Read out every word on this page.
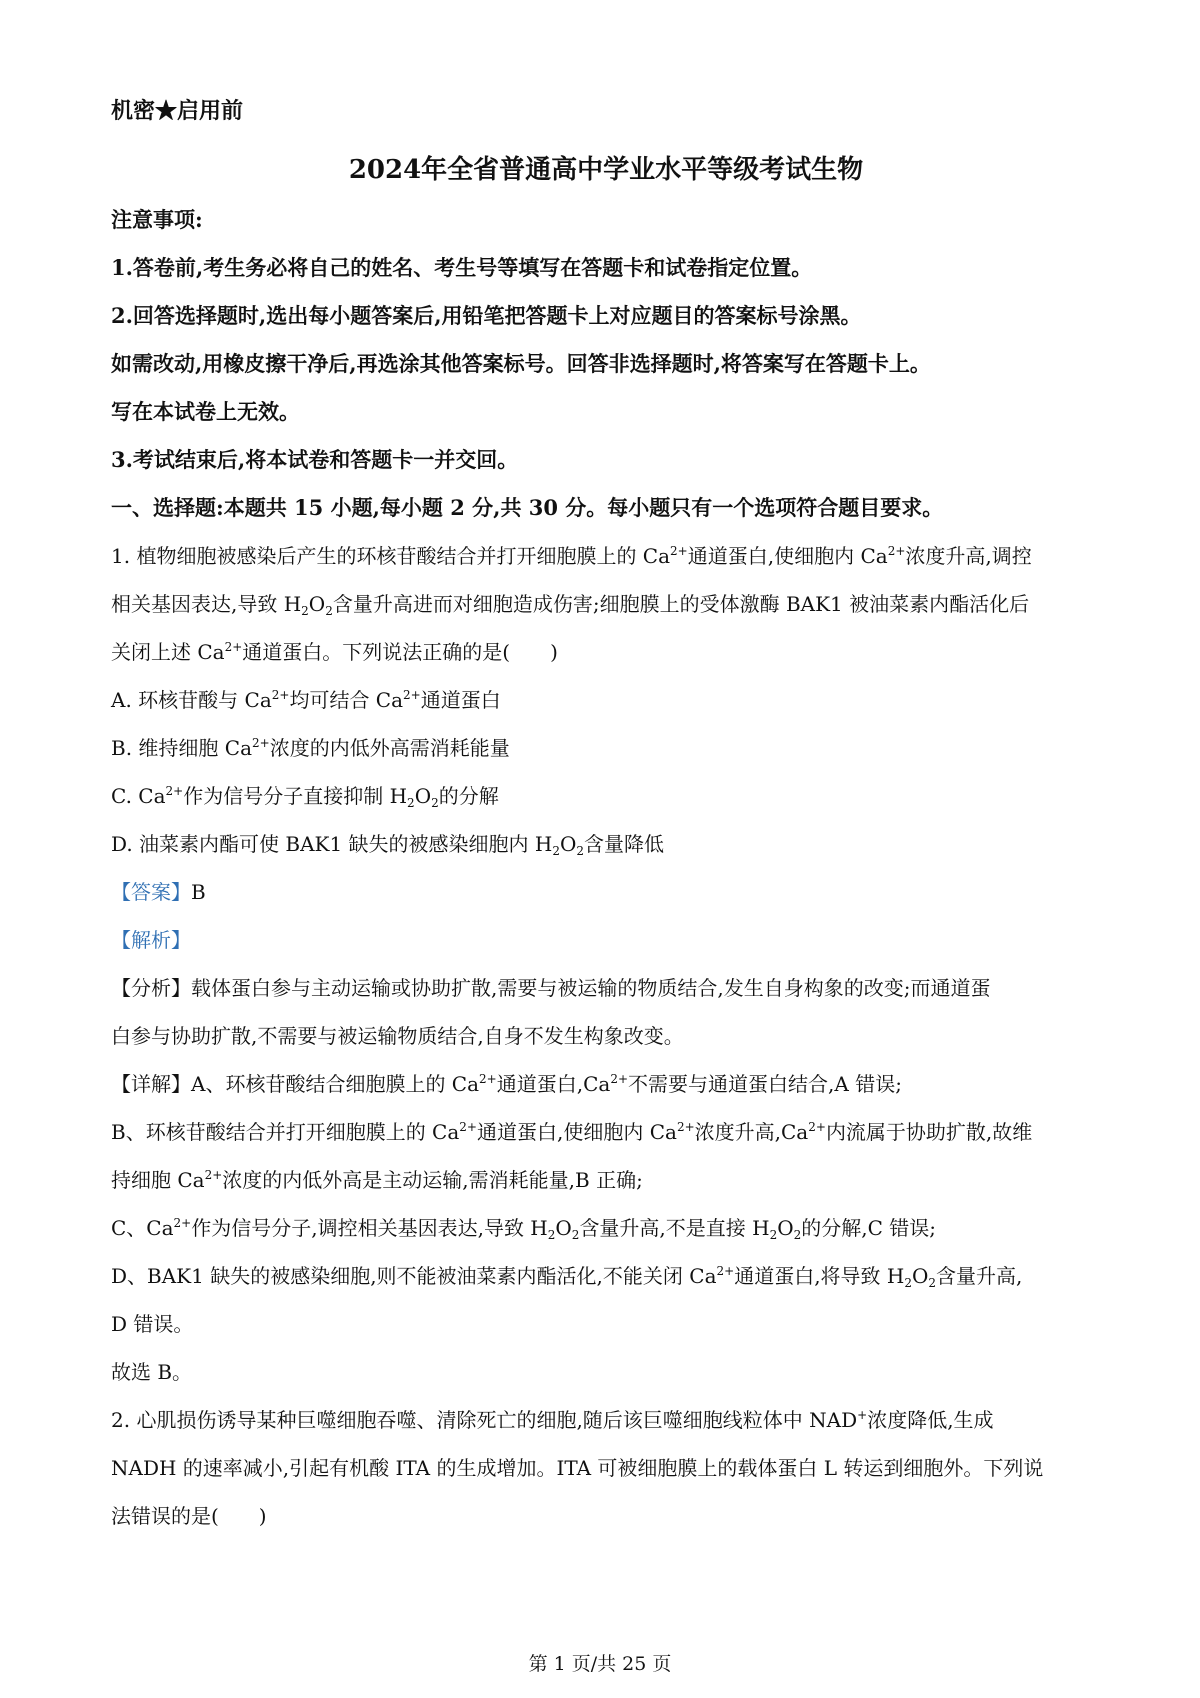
机密★启用前
2024年全省普通高中学业水平等级考试生物

注意事项:

1.答卷前,考生务必将自己的姓名、考生号等填写在答题卡和试卷指定位置。

2.回答选择题时,选出每小题答案后,用铅笔把答题卡上对应题目的答案标号涂黑。

如需改动,用橡皮擦干净后,再选涂其他答案标号。回答非选择题时,将答案写在答题卡上。

写在本试卷上无效。

3.考试结束后,将本试卷和答题卡一并交回。

一、选择题:本题共 15 小题,每小题 2 分,共 30 分。每小题只有一个选项符合题目要求。

1. 植物细胞被感染后产生的环核苷酸结合并打开细胞膜上的 $Ca^{2+}$通道蛋白,使细胞内 $Ca^{2+}$浓度升高,调控

相关基因表达,导致 $H_2O_2$含量升高进而对细胞造成伤害;细胞膜上的受体激酶 BAK1 被油菜素内酯活化后

关闭上述 $Ca^{2+}$通道蛋白。下列说法正确的是(　　)

A. 环核苷酸与 $Ca^{2+}$均可结合 $Ca^{2+}$通道蛋白

B. 维持细胞 $Ca^{2+}$浓度的内低外高需消耗能量

C. $Ca^{2+}$作为信号分子直接抑制 $H_2O_2$的分解

D. 油菜素内酯可使 BAK1 缺失的被感染细胞内 $H_2O_2$含量降低

【答案】B

【解析】

【分析】载体蛋白参与主动运输或协助扩散,需要与被运输的物质结合,发生自身构象的改变;而通道蛋

白参与协助扩散,不需要与被运输物质结合,自身不发生构象改变。

【详解】A、环核苷酸结合细胞膜上的 $Ca^{2+}$通道蛋白$,Ca^{2+}$不需要与通道蛋白结合,A 错误;

B、环核苷酸结合并打开细胞膜上的 $Ca^{2+}$通道蛋白,使细胞内 $Ca^{2+}$浓度升高$,Ca^{2+}$内流属于协助扩散,故维

持细胞 $Ca^{2+}$浓度的内低外高是主动运输,需消耗能量,B 正确;

C、$Ca^{2+}$作为信号分子,调控相关基因表达,导致 $H_2O_2$含量升高,不是直接 $H_2O_2$的分解,C 错误;

D、BAK1 缺失的被感染细胞,则不能被油菜素内酯活化,不能关闭 $Ca^{2+}$通道蛋白,将导致 $H_2O_2$含量升高,

D 错误。

故选 B。

2. 心肌损伤诱导某种巨噬细胞吞噬、清除死亡的细胞,随后该巨噬细胞线粒体中 NAD+浓度降低,生成

NADH 的速率减小,引起有机酸 ITA 的生成增加。ITA 可被细胞膜上的载体蛋白 L 转运到细胞外。下列说

法错误的是(　　)

第 1 页/共 25 页
